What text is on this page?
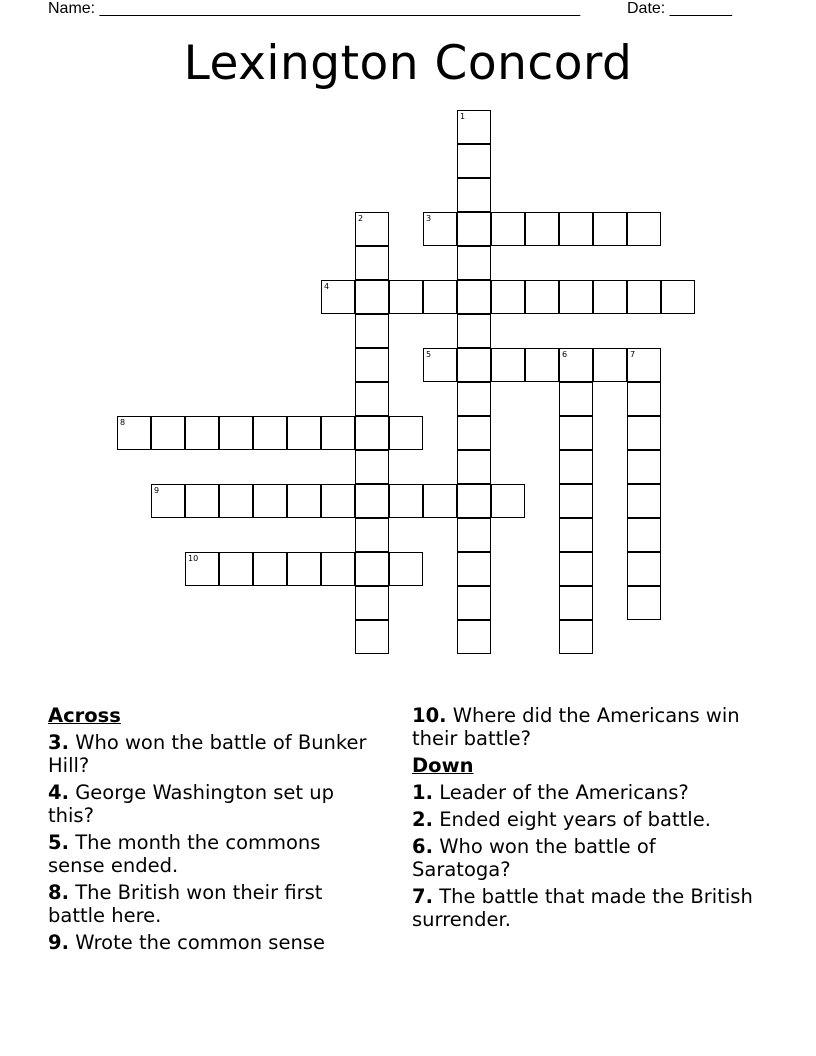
Name: ______________________________________________________	Date: _______
Lexington Concord
1
2	3
4
5	6	7
8
9
10
Across
3. Who won the battle of Bunker Hill?
4. George Washington set up this?
5. The month the commons sense ended.
8. The British won their first battle here.
9. Wrote the common sense
10. Where did the Americans win their battle?
Down
1. Leader of the Americans?
2. Ended eight years of battle.
6. Who won the battle of Saratoga?
7. The battle that made the British surrender.
